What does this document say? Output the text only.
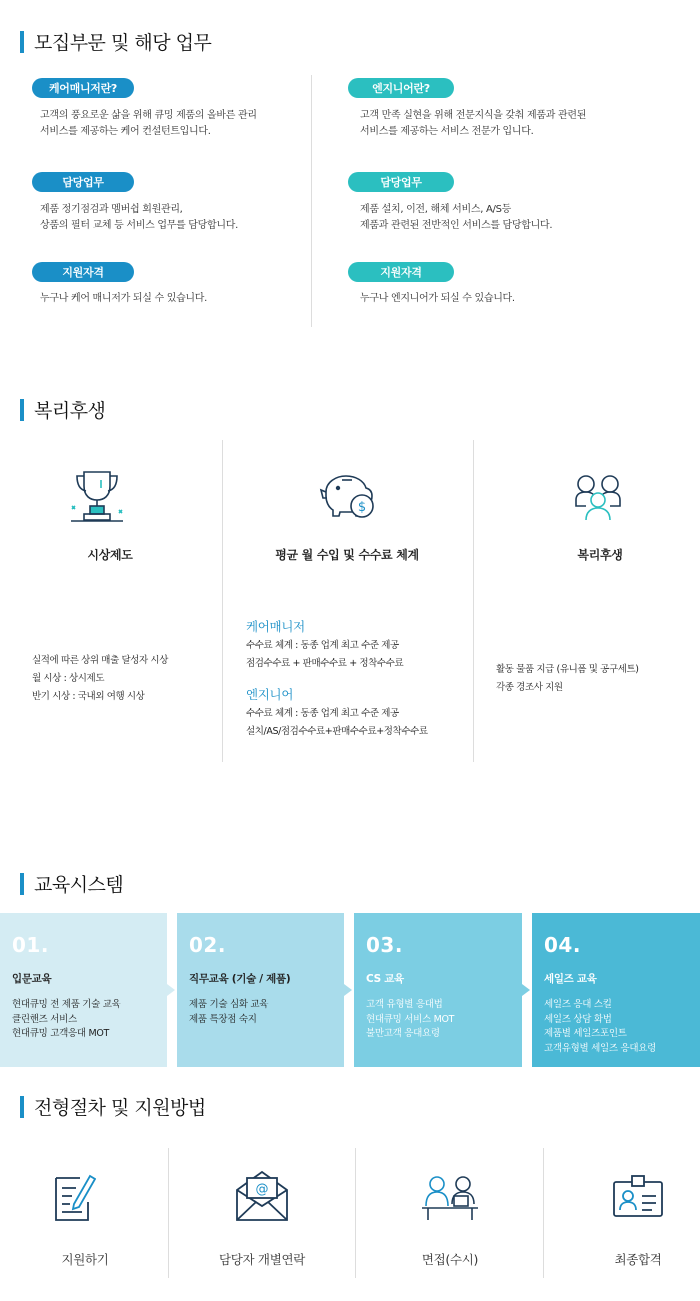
모집부문 및 해당 업무
케어매니저란?
고객의 풍요로운 삶을 위해 큐밍 제품의 올바른 관리
서비스를 제공하는 케어 컨설턴트입니다.
담당업무
제품 정기점검과 멤버쉽 회원관리,
상품의 필터 교체 등 서비스 업무를 담당합니다.
지원자격
누구나 케어 매니저가 되실 수 있습니다.
엔지니어란?
고객 만족 실현을 위해 전문지식을 갖춰 제품과 관련된
서비스를 제공하는 서비스 전문가 입니다.
담당업무
제품 설치, 이전, 해체 서비스, A/S등
제품과 관련된 전반적인 서비스를 담당합니다.
지원자격
누구나 엔지니어가 되실 수 있습니다.
복리후생
시상제도
실적에 따른 상위 매출 달성자 시상
월 시상 : 상시제도
반기 시상 : 국내외 여행 시상
$
평균 월 수입 및 수수료 체계
케어매니저
수수료 체계 : 동종 업계 최고 수준 제공
점검수수료 + 판매수수료 + 정착수수료
엔지니어
수수료 체계 : 동종 업계 최고 수준 제공
설치/AS/점검수수료+판매수수료+정착수수료
복리후생
활동 물품 지급 (유니폼 및 공구세트)
각종 경조사 지원
교육시스템
01.
입문교육
현대큐밍 전 제품 기술 교육
클린핸즈 서비스
현대큐밍 고객응대 MOT
02.
직무교육 (기술 / 제품)
제품 기술 심화 교육
제품 특장점 숙지
03.
CS 교육
고객 유형별 응대법
현대큐밍 서비스 MOT
불만고객 응대요령
04.
세일즈 교육
세일즈 응대 스킬
세일즈 상담 화법
제품별 세일즈포인트
고객유형별 세일즈 응대요령
전형절차 및 지원방법
지원하기
@
담당자 개별연락	면접(수시)	최종합격
